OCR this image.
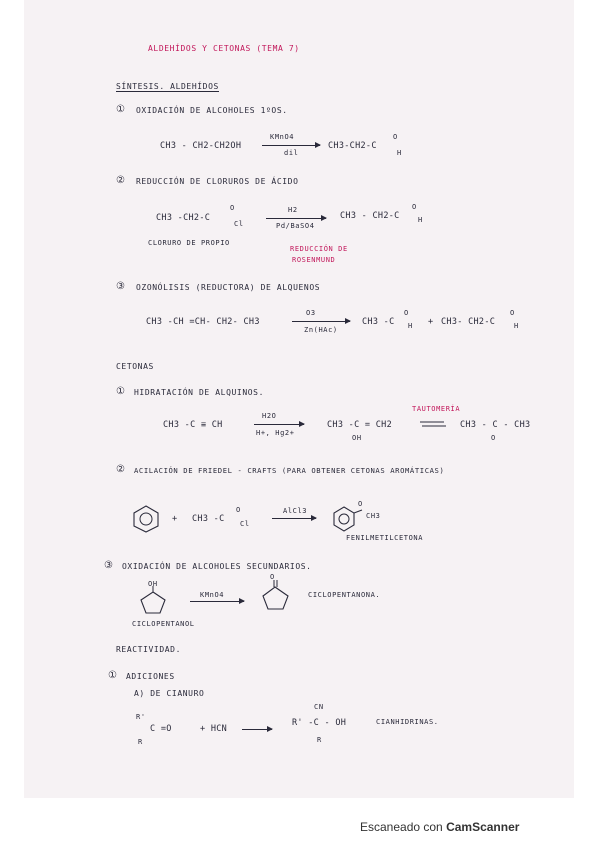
ALDEHÍDOS Y CETONAS (TEMA 7)
SÍNTESIS. ALDEHÍDOS
① OXIDACIÓN DE ALCOHOLES 1ºOS.
CH3 - CH2-CH2OH
KMnO4
dil
CH3-CH2-C
O
H
② REDUCCIÓN DE CLORUROS DE ÁCIDO
CH3 -CH2-C
O
Cl
H2
Pd/BaSO4
CH3 - CH2-C
O
H
CLORURO DE PROPIO
REDUCCIÓN DE
ROSENMUND
③ OZONÓLISIS (REDUCTORA) DE ALQUENOS
CH3 -CH =CH- CH2- CH3
O3
Zn(HAc)
CH3 -C
O
H + CH3- CH2-C
O
H
CETONAS
① HIDRATACIÓN DE ALQUINOS.
TAUTOMERÍA
CH3 -C ≡ CH
H2O
H+, Hg2+
CH3 -C = CH2
OH
CH3 - C - CH3
O
② ACILACIÓN DE FRIEDEL - CRAFTS (PARA OBTENER CETONAS AROMÁTICAS)
+ CH3 -C
O
Cl
AlCl3
O
CH3
FENILMETILCETONA
③ OXIDACIÓN DE ALCOHOLES SECUNDARIOS.
OH
KMnO4
O
CICLOPENTANONA.
CICLOPENTANOL
REACTIVIDAD.
① ADICIONES
A) DE CIANURO
R'
C =O
R
+ HCN
CN
R' -C - OH
R
CIANHIDRINAS.
Escaneado con CamScanner
